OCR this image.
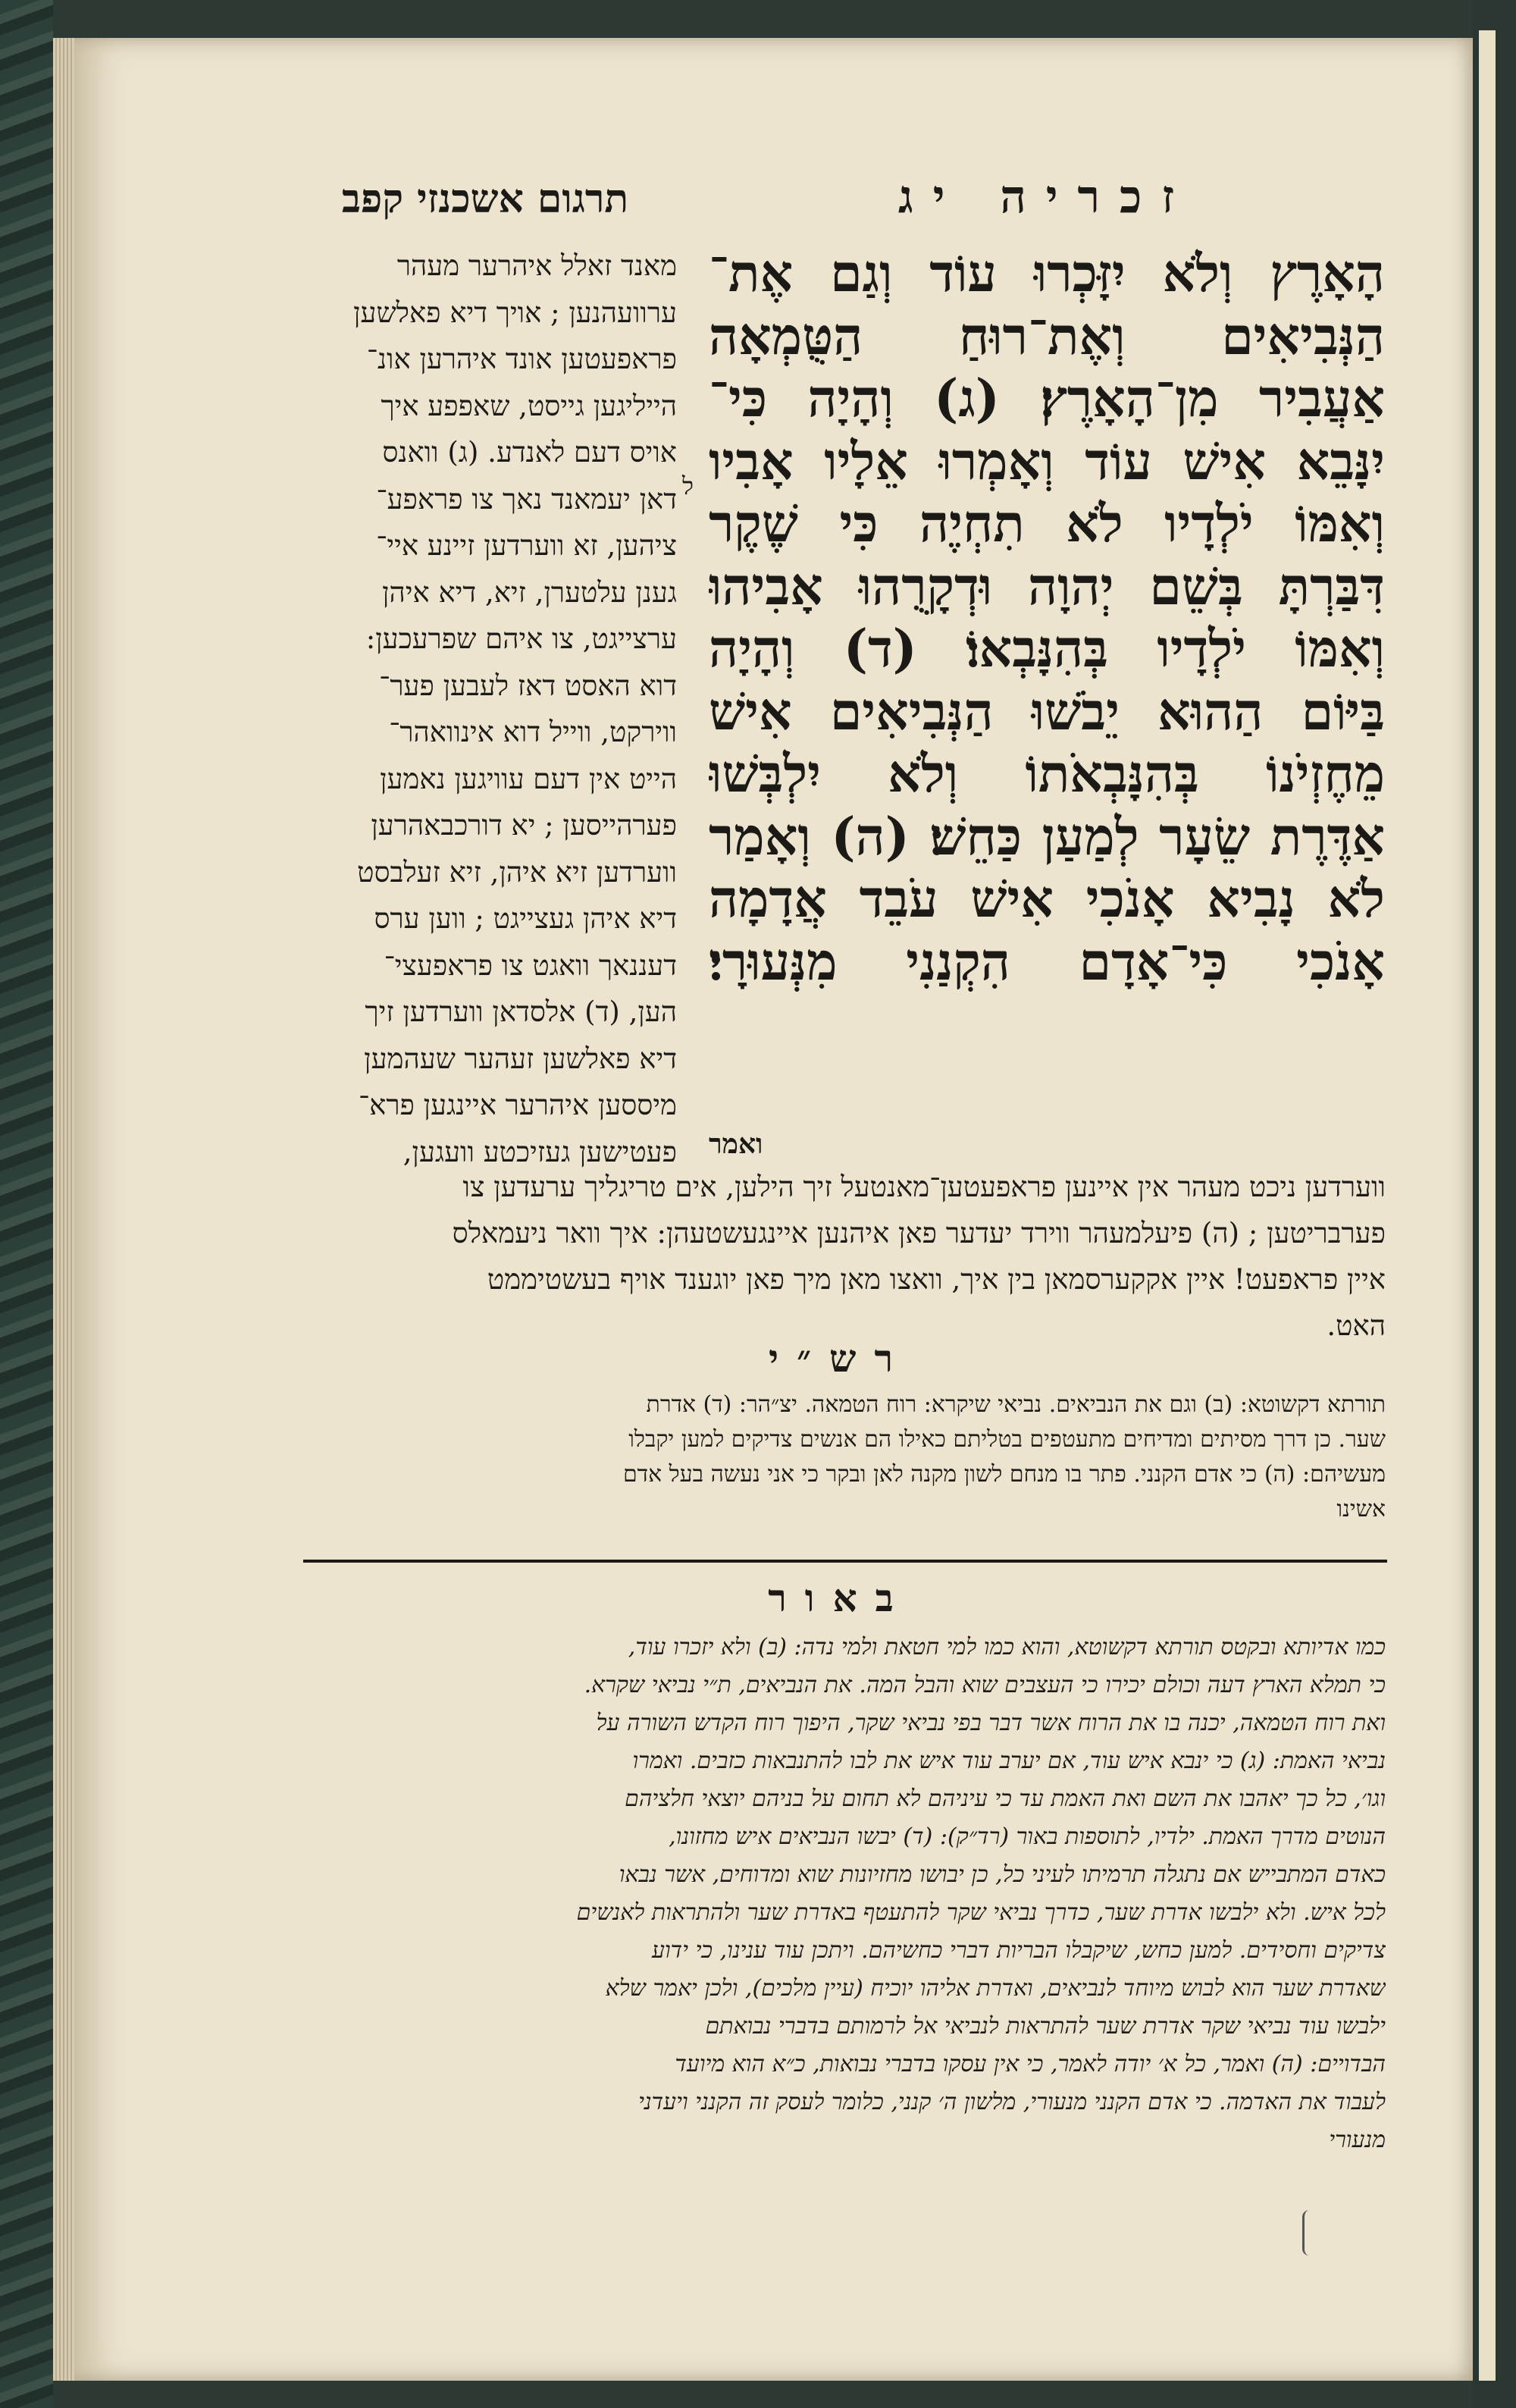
תרגום אשכנזי קפב	זכריה יג
מאנד זאלל איהרער מעהר
ערוועהנען ; אויך דיא פאלשען
פראפעטען אונד איהרען אונ־
הייליגען גייסט, שאפפע איך
אויס דעם לאנדע. (ג) וואנס
דאן יעמאנד נאך צו פראפע־
ציהען, זא ווערדען זיינע איי־
גענן עלטערן, זיא, דיא איהן
ערצייגט, צו איהם שפרעכען:
דוא האסט דאז לעבען פער־
ווירקט, ווייל דוא אינוואהר־
הייט אין דעם עוויגען נאמען
פערהייסען ; יא דורכבאהרען
ווערדען זיא איהן, זיא זעלבסט
דיא איהן געצייגט ; ווען ערס
דעננאך וואגט צו פראפעצי־
הען, (ד) אלסדאן ווערדען זיך
דיא פאלשען זעהער שעהמען
מיססען איהרער איינגען פרא־
פעטישען געזיכטע וועגען,
ל
הָאָרֶץ וְלֹא יִזָּכְרוּ עוֹד וְגַם אֶת־
הַנְּבִיאִים וְאֶת־רוּחַ הַטֻּמְאָה
אַעֲבִיר מִן־הָאָרֶץ׃ (ג) וְהָיָה כִּי־
יִנָּבֵא אִישׁ עוֹד וְאָמְרוּ אֵלָיו אָבִיו
וְאִמּוֹ יֹלְדָיו לֹא תִחְיֶה כִּי שֶׁקֶר
דִּבַּרְתָּ בְּשֵׁם יְהוָה וּדְקָרֻהוּ אָבִיהוּ
וְאִמּוֹ יֹלְדָיו בְּהִנָּבְאוֹ׃ (ד) וְהָיָה
בַּיּוֹם הַהוּא יֵבֹשׁוּ הַנְּבִיאִים אִישׁ
מֵחֶזְיֹנוֹ בְּהִנָּבְאֹתוֹ וְלֹא יִלְבְּשׁוּ
אַדֶּרֶת שֵׂעָר לְמַעַן כַּחֵשׁ׃ (ה) וְאָמַר
לֹא נָבִיא אָנֹכִי אִישׁ עֹבֵד אֲדָמָה
אָנֹכִי כִּי־אָדָם הִקְנַנִי מִנְּעוּרָי׃
ואמר
ווערדען ניכט מעהר אין איינען פראפעטען־מאנטעל זיך הילען, אים טריגליך ערעדען צו
פערבריטען ; (ה) פיעלמעהר ווירד יעדער פאן איהנען איינגעשטעהן: איך וואר ניעמאלס
איין פראפעט! איין אקקערסמאן בין איך, וואצו מאן מיך פאן יוגענד אויף בעשטיממט
האט.
רש״י
תורתא דקשוטא: (ב) וגם את הנביאים. נביאי שיקרא: רוח הטמאה. יצ״הר: (ד) אדרת
שער. כן דרך מסיתים ומדיחים מתעטפים בטליתם כאילו הם אנשים צדיקים למען יקבלו
מעשיהם: (ה) כי אדם הקנני. פתר בו מנחם לשון מקנה לאן ובקר כי אני נעשה בעל אדם
אשינו
באור
כמו אדיותא ובקטס תורתא דקשוטא, והוא כמו למי חטאת ולמי נדה: (ב) ולא יזכרו עוד,
כי תמלא הארץ דעה וכולם יכירו כי העצבים שוא והבל המה. את הנביאים, ת״י נביאי שקרא.
ואת רוח הטמאה, יכנה בו את הרוח אשר דבר בפי נביאי שקר, היפוך רוח הקדש השורה על
נביאי האמת: (ג) כי ינבא איש עוד, אם יערב עוד איש את לבו להתנבאות כזבים. ואמרו
וגו׳, כל כך יאהבו את השם ואת האמת עד כי עיניהם לא תחום על בניהם יוצאי חלציהם
הנוטים מדרך האמת. ילדיו, לתוספות באור (רד״ק): (ד) יבשו הנביאים איש מחזונו,
כאדם המתבייש אם נתגלה תרמיתו לעיני כל, כן יבושו מחזיונות שוא ומדוחים, אשר נבאו
לכל איש. ולא ילבשו אדרת שער, כדרך נביאי שקר להתעטף באדרת שער ולהתראות לאנשים
צדיקים וחסידים. למען כחש, שיקבלו הבריות דברי כחשיהם. ויתכן עוד ענינו, כי ידוע
שאדרת שער הוא לבוש מיוחד לנביאים, ואדרת אליהו יוכיח (עיין מלכים), ולכן יאמר שלא
ילבשו עוד נביאי שקר אדרת שער להתראות לנביאי אל לרמותם בדברי נבואתם
הבדויים: (ה) ואמר, כל א׳ יודה לאמר, כי אין עסקו בדברי נבואות, כ״א הוא מיועד
לעבוד את האדמה. כי אדם הקנני מנעורי, מלשון ה׳ קנני, כלומר לעסק זה הקנני ויעדני
מנעורי
